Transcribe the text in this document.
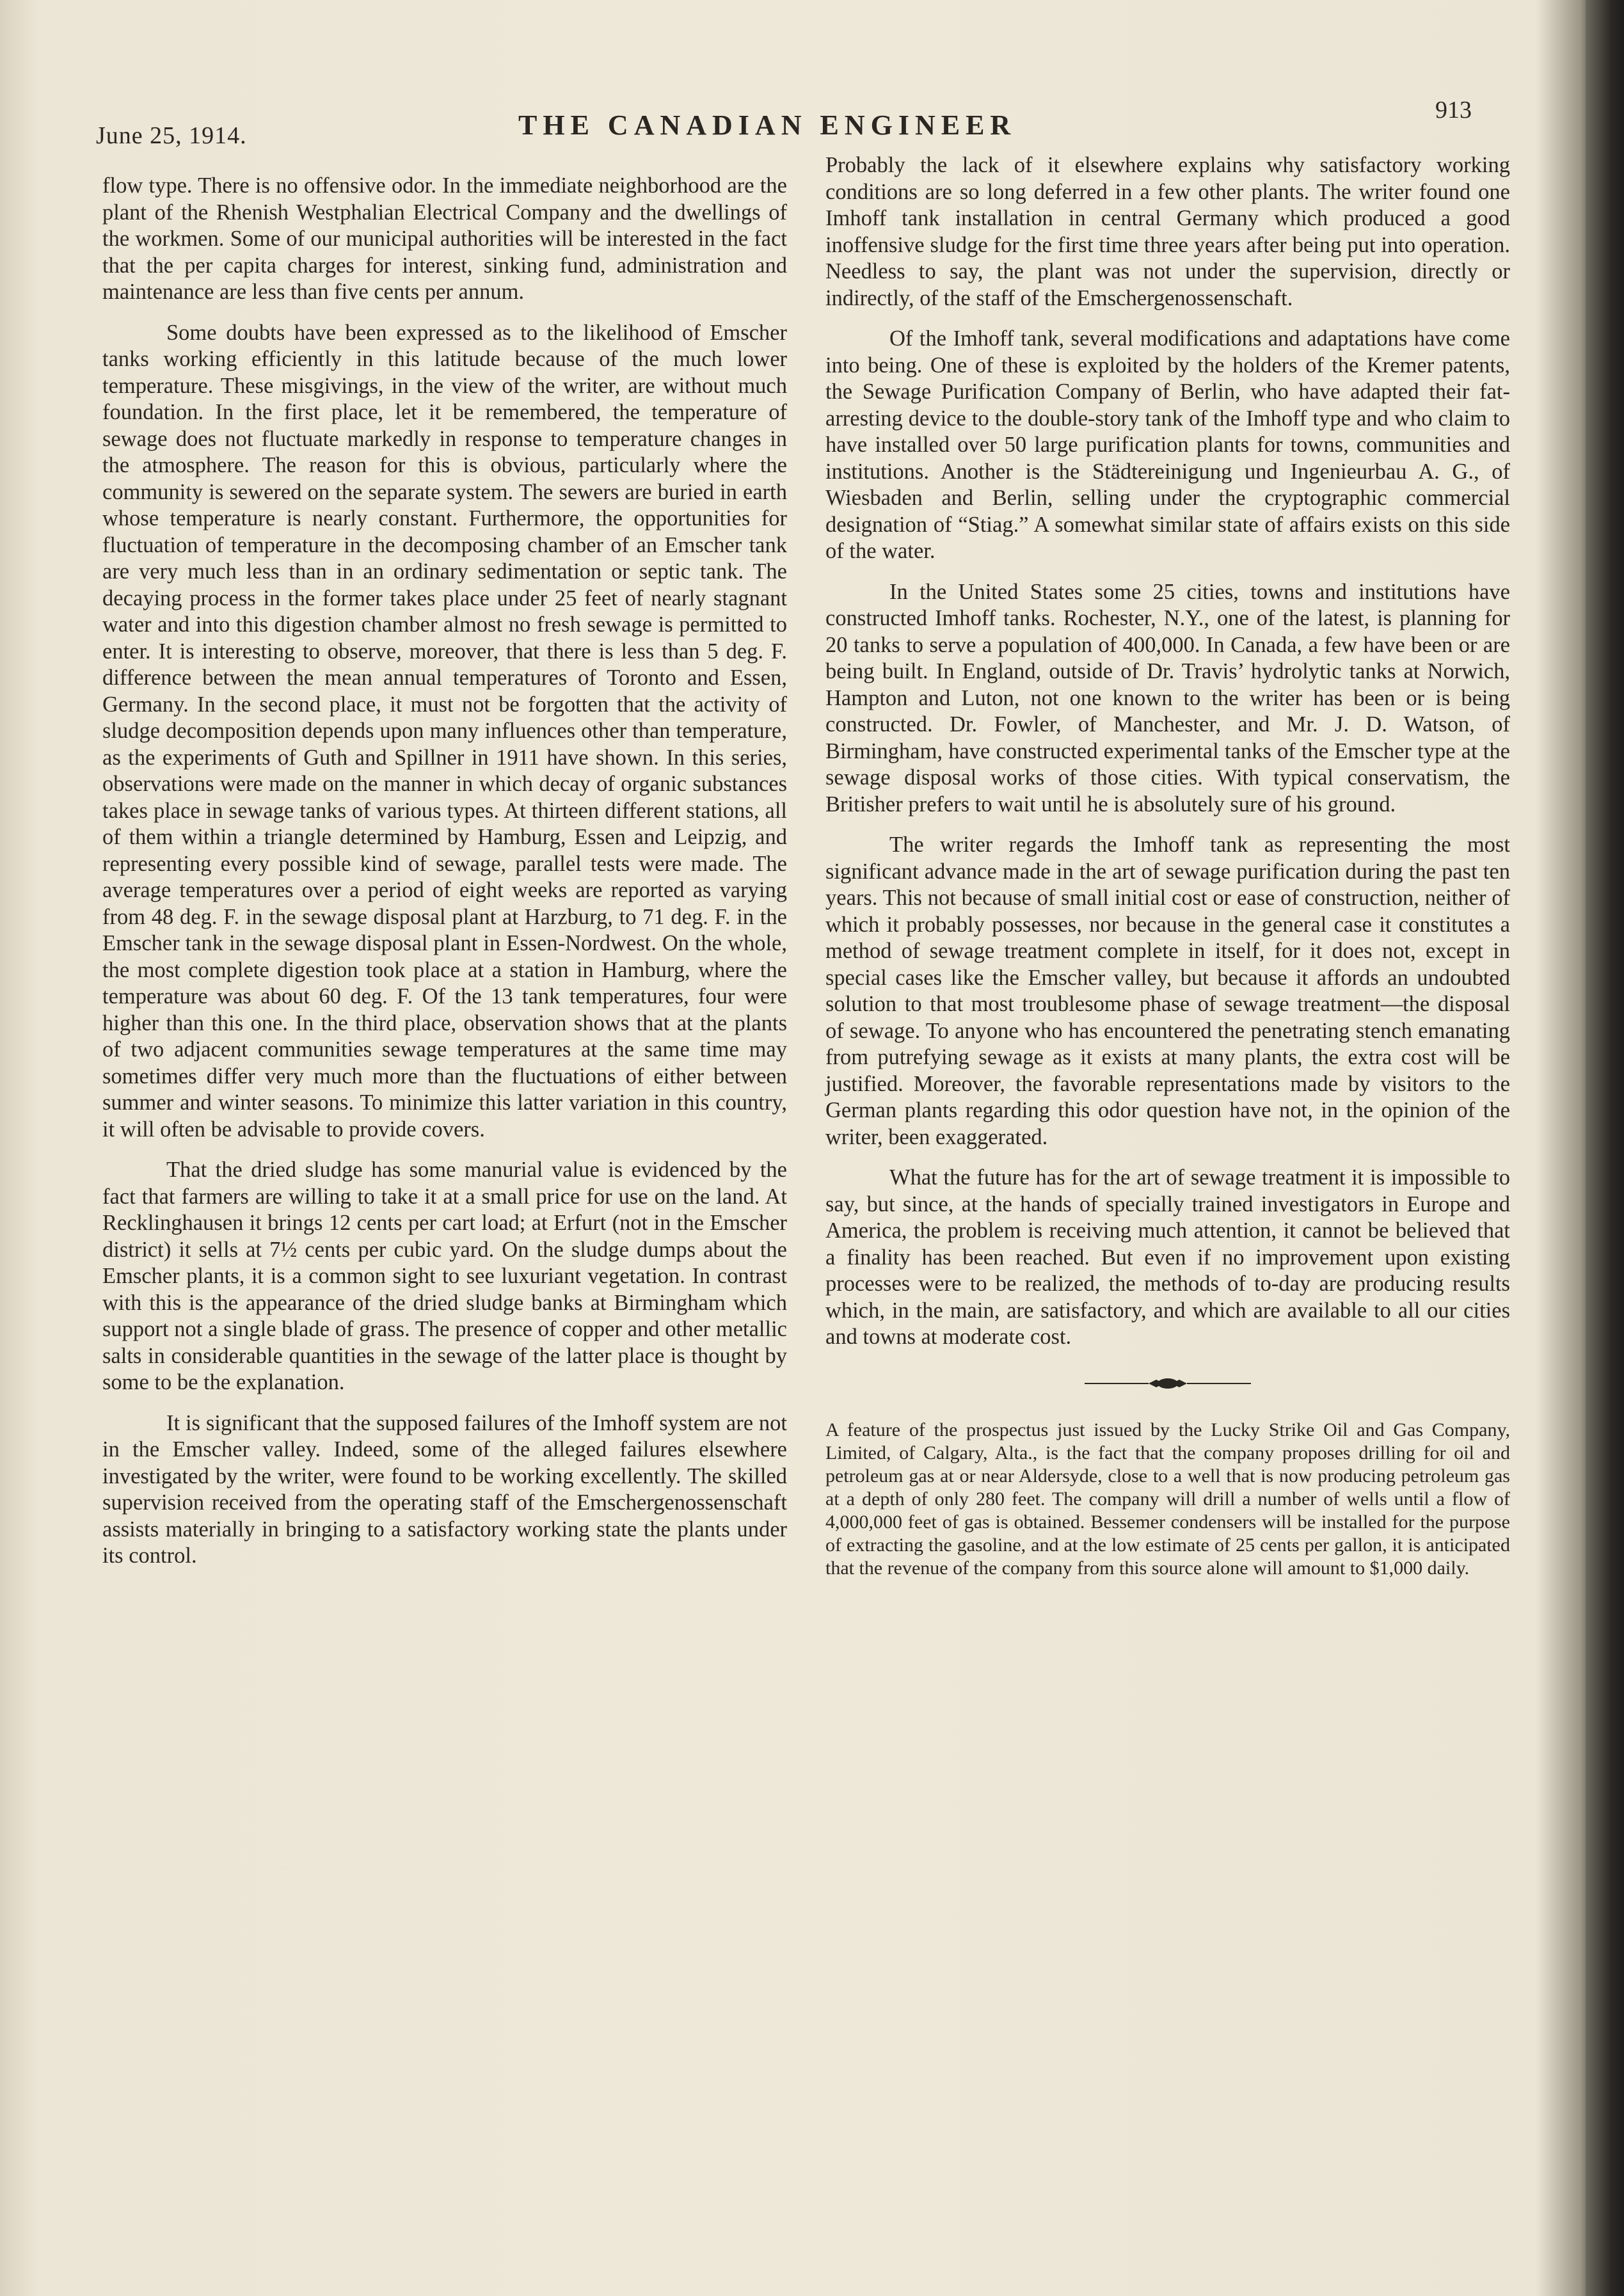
June 25, 1914.	THE CANADIAN ENGINEER	913

flow type. There is no offensive odor. In the immediate neighborhood are the plant of the Rhenish Westphalian Electrical Company and the dwellings of the workmen. Some of our municipal authorities will be interested in the fact that the per capita charges for interest, sinking fund, administration and maintenance are less than five cents per annum.

Some doubts have been expressed as to the likelihood of Emscher tanks working efficiently in this latitude because of the much lower temperature. These misgivings, in the view of the writer, are without much foundation. In the first place, let it be remembered, the temperature of sewage does not fluctuate markedly in response to temperature changes in the atmosphere. The reason for this is obvious, particularly where the community is sewered on the separate system. The sewers are buried in earth whose temperature is nearly constant. Furthermore, the opportunities for fluctuation of temperature in the decomposing chamber of an Emscher tank are very much less than in an ordinary sedimentation or septic tank. The decaying process in the former takes place under 25 feet of nearly stagnant water and into this digestion chamber almost no fresh sewage is permitted to enter. It is interesting to observe, moreover, that there is less than 5 deg. F. difference between the mean annual temperatures of Toronto and Essen, Germany. In the second place, it must not be forgotten that the activity of sludge decomposition depends upon many influences other than temperature, as the experiments of Guth and Spillner in 1911 have shown. In this series, observations were made on the manner in which decay of organic substances takes place in sewage tanks of various types. At thirteen different stations, all of them within a triangle determined by Hamburg, Essen and Leipzig, and representing every possible kind of sewage, parallel tests were made. The average temperatures over a period of eight weeks are reported as varying from 48 deg. F. in the sewage disposal plant at Harzburg, to 71 deg. F. in the Emscher tank in the sewage disposal plant in Essen-Nordwest. On the whole, the most complete digestion took place at a station in Hamburg, where the temperature was about 60 deg. F. Of the 13 tank temperatures, four were higher than this one. In the third place, observation shows that at the plants of two adjacent communities sewage temperatures at the same time may sometimes differ very much more than the fluctuations of either between summer and winter seasons. To minimize this latter variation in this country, it will often be advisable to provide covers.

That the dried sludge has some manurial value is evidenced by the fact that farmers are willing to take it at a small price for use on the land. At Recklinghausen it brings 12 cents per cart load; at Erfurt (not in the Emscher district) it sells at 7½ cents per cubic yard. On the sludge dumps about the Emscher plants, it is a common sight to see luxuriant vegetation. In contrast with this is the appearance of the dried sludge banks at Birmingham which support not a single blade of grass. The presence of copper and other metallic salts in considerable quantities in the sewage of the latter place is thought by some to be the explanation.

It is significant that the supposed failures of the Imhoff system are not in the Emscher valley. Indeed, some of the alleged failures elsewhere investigated by the writer, were found to be working excellently. The skilled supervision received from the operating staff of the Emschergenossenschaft assists materially in bringing to a satisfactory working state the plants under its control.

Probably the lack of it elsewhere explains why satisfactory working conditions are so long deferred in a few other plants. The writer found one Imhoff tank installation in central Germany which produced a good inoffensive sludge for the first time three years after being put into operation. Needless to say, the plant was not under the supervision, directly or indirectly, of the staff of the Emschergenossenschaft.

Of the Imhoff tank, several modifications and adaptations have come into being. One of these is exploited by the holders of the Kremer patents, the Sewage Purification Company of Berlin, who have adapted their fat-arresting device to the double-story tank of the Imhoff type and who claim to have installed over 50 large purification plants for towns, communities and institutions. Another is the Städtereinigung und Ingenieurbau A. G., of Wiesbaden and Berlin, selling under the cryptographic commercial designation of “Stiag.” A somewhat similar state of affairs exists on this side of the water.

In the United States some 25 cities, towns and institutions have constructed Imhoff tanks. Rochester, N.Y., one of the latest, is planning for 20 tanks to serve a population of 400,000. In Canada, a few have been or are being built. In England, outside of Dr. Travis’ hydrolytic tanks at Norwich, Hampton and Luton, not one known to the writer has been or is being constructed. Dr. Fowler, of Manchester, and Mr. J. D. Watson, of Birmingham, have constructed experimental tanks of the Emscher type at the sewage disposal works of those cities. With typical conservatism, the Britisher prefers to wait until he is absolutely sure of his ground.

The writer regards the Imhoff tank as representing the most significant advance made in the art of sewage purification during the past ten years. This not because of small initial cost or ease of construction, neither of which it probably possesses, nor because in the general case it constitutes a method of sewage treatment complete in itself, for it does not, except in special cases like the Emscher valley, but because it affords an undoubted solution to that most troublesome phase of sewage treatment—the disposal of sewage. To anyone who has encountered the penetrating stench emanating from putrefying sewage as it exists at many plants, the extra cost will be justified. Moreover, the favorable representations made by visitors to the German plants regarding this odor question have not, in the opinion of the writer, been exaggerated.

What the future has for the art of sewage treatment it is impossible to say, but since, at the hands of specially trained investigators in Europe and America, the problem is receiving much attention, it cannot be believed that a finality has been reached. But even if no improvement upon existing processes were to be realized, the methods of to-day are producing results which, in the main, are satisfactory, and which are available to all our cities and towns at moderate cost.

A feature of the prospectus just issued by the Lucky Strike Oil and Gas Company, Limited, of Calgary, Alta., is the fact that the company proposes drilling for oil and petroleum gas at or near Aldersyde, close to a well that is now producing petroleum gas at a depth of only 280 feet. The company will drill a number of wells until a flow of 4,000,000 feet of gas is obtained. Bessemer condensers will be installed for the purpose of extracting the gasoline, and at the low estimate of 25 cents per gallon, it is anticipated that the revenue of the company from this source alone will amount to $1,000 daily.
